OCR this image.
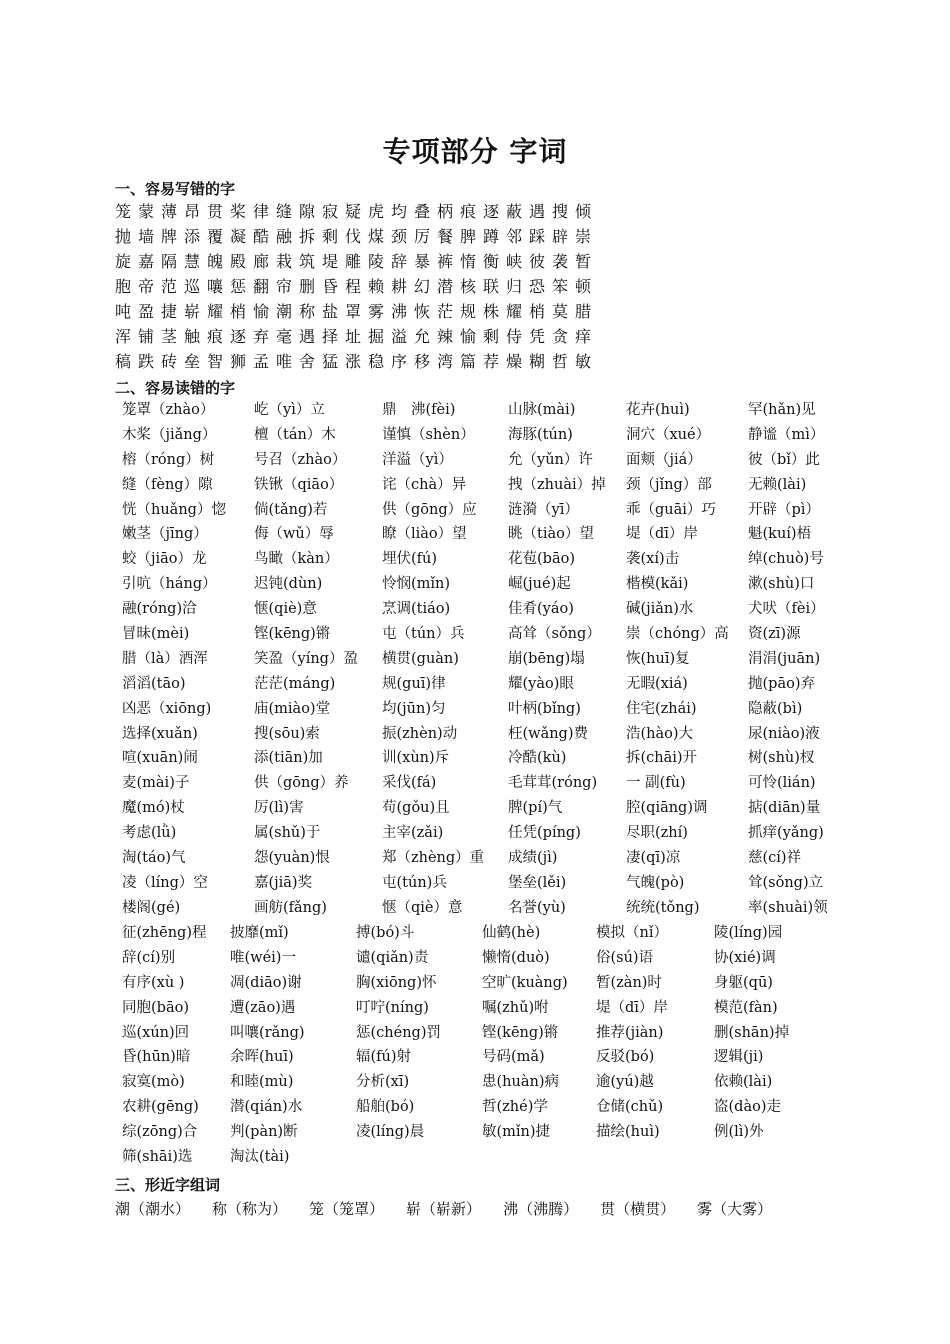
专项部分 字词
一、容易写错的字
笼蒙薄昂贯桨律缝隙寂疑虎均叠柄痕逐蔽遇搜倾
抛墙牌添覆凝酷融拆剩伐煤颈厉餐脾蹲邻踩辟崇
旋嘉隔慧魄殿廊栽筑堤雕陵辞暴裤惰衡峡彼袭暂
胞帝范巡嚷惩翻帘删昏程赖耕幻潜核联归恐笨顿
吨盈捷崭耀梢愉潮称盐罩雾沸恢茫规株耀梢莫腊
浑铺茎触痕逐弃毫遇择址掘溢允辣愉剩侍凭贪痒
稿跌砖垒智狮孟唯舍猛涨稳序移湾篇荐燥糊哲敏
二、容易读错的字
笼罩（zhào）	屹（yì）立	鼎　沸(fèi)	山脉(mài)	花卉(huì)	罕(hǎn)见
木桨（jiǎng）	檀（tán）木	谨慎（shèn）	海豚(tún)	洞穴（xué）	静谧（mì）
榕（róng）树	号召（zhào）	洋溢（yì）	允（yǔn）许	面颊（jiá）	彼（bǐ）此
缝（fèng）隙	铁锹（qiāo）	诧（chà）异	拽（zhuài）掉	颈（jǐng）部	无赖(lài)
恍（huǎng）惚	倘(tǎng)若	供（gōng）应	涟漪（yī）	乖（guāi）巧	开辟（pì）
嫩茎（jīng）	侮（wǔ）辱	瞭（liào）望	眺（tiào）望	堤（dī）岸	魁(kuí)梧
蛟（jiāo）龙	鸟瞰（kàn）	埋伏(fú)	花苞(bāo)	袭(xí)击	绰(chuò)号
引吭（háng）	迟钝(dùn)	怜悯(mǐn)	崛(jué)起	楷模(kǎi)	漱(shù)口
融(róng)洽	惬(qiè)意	烹调(tiáo)	佳肴(yáo)	碱(jiǎn)水	犬吠（fèi）
冒昧(mèi)	铿(kēng)锵	屯（tún）兵	高耸（sǒng）	崇（chóng）高	资(zī)源
腊（là）酒浑	笑盈（yíng）盈	横贯(guàn)	崩(bēng)塌	恢(huī)复	涓涓(juān)
滔滔(tāo)	茫茫(máng)	规(guī)律	耀(yào)眼	无暇(xiá)	抛(pāo)弃
凶恶（xiōng)	庙(miào)堂	均(jūn)匀	叶柄(bǐng)	住宅(zhái)	隐蔽(bì)
选择(xuǎn)	搜(sōu)索	振(zhèn)动	枉(wǎng)费	浩(hào)大	尿(niào)液
喧(xuān)闹	添(tiān)加	训(xùn)斥	冷酷(kù)	拆(chāi)开	树(shù)杈
麦(mài)子	供（gōng）养	采伐(fá)	毛茸茸(róng)	一 副(fù)	可怜(lián)
魔(mó)杖	厉(lì)害	苟(gǒu)且	脾(pí)气	腔(qiāng)调	掂(diān)量
考虑(lǜ)	属(shǔ)于	主宰(zǎi)	任凭(píng)	尽职(zhí)	抓痒(yǎng)
淘(táo)气	怨(yuàn)恨	郑（zhèng）重	成绩(jì)	凄(qī)凉	慈(cí)祥
凌（líng）空	嘉(jiā)奖	屯(tún)兵	堡垒(lěi)	气魄(pò)	耸(sǒng)立
楼阁(gé)	画舫(fǎng)	惬（qiè）意	名誉(yù)	统统(tǒng)	率(shuài)领
征(zhēng)程	披靡(mǐ)	搏(bó)斗	仙鹤(hè)	模拟（nǐ）	陵(líng)园
辞(cí)别	唯(wéi)一	谴(qiǎn)责	懒惰(duò)	俗(sú)语	协(xié)调
有序(xù )	凋(diāo)谢	胸(xiōng)怀	空旷(kuàng)	暂(zàn)时	身躯(qū)
同胞(bāo)	遭(zāo)遇	叮咛(níng)	嘱(zhǔ)咐	堤（dī）岸	模范(fàn)
巡(xún)回	叫嚷(rǎng)	惩(chéng)罚	铿(kēng)锵	推荐(jiàn)	删(shān)掉
昏(hūn)暗	余晖(huī)	辐(fú)射	号码(mǎ)	反驳(bó)	逻辑(ji)
寂寞(mò)	和睦(mù)	分析(xī)	患(huàn)病	逾(yú)越	依赖(lài)
农耕(gēng)	潜(qián)水	船舶(bó)	哲(zhé)学	仓储(chǔ)	盗(dào)走
综(zōng)合	判(pàn)断	凌(líng)晨	敏(mǐn)捷	描绘(huì)	例(lì)外
筛(shāi)选	淘汰(tài)
三、形近字组词
潮（潮水） 称（称为） 笼（笼罩） 崭（崭新） 沸（沸腾） 贯（横贯） 雾（大雾）
